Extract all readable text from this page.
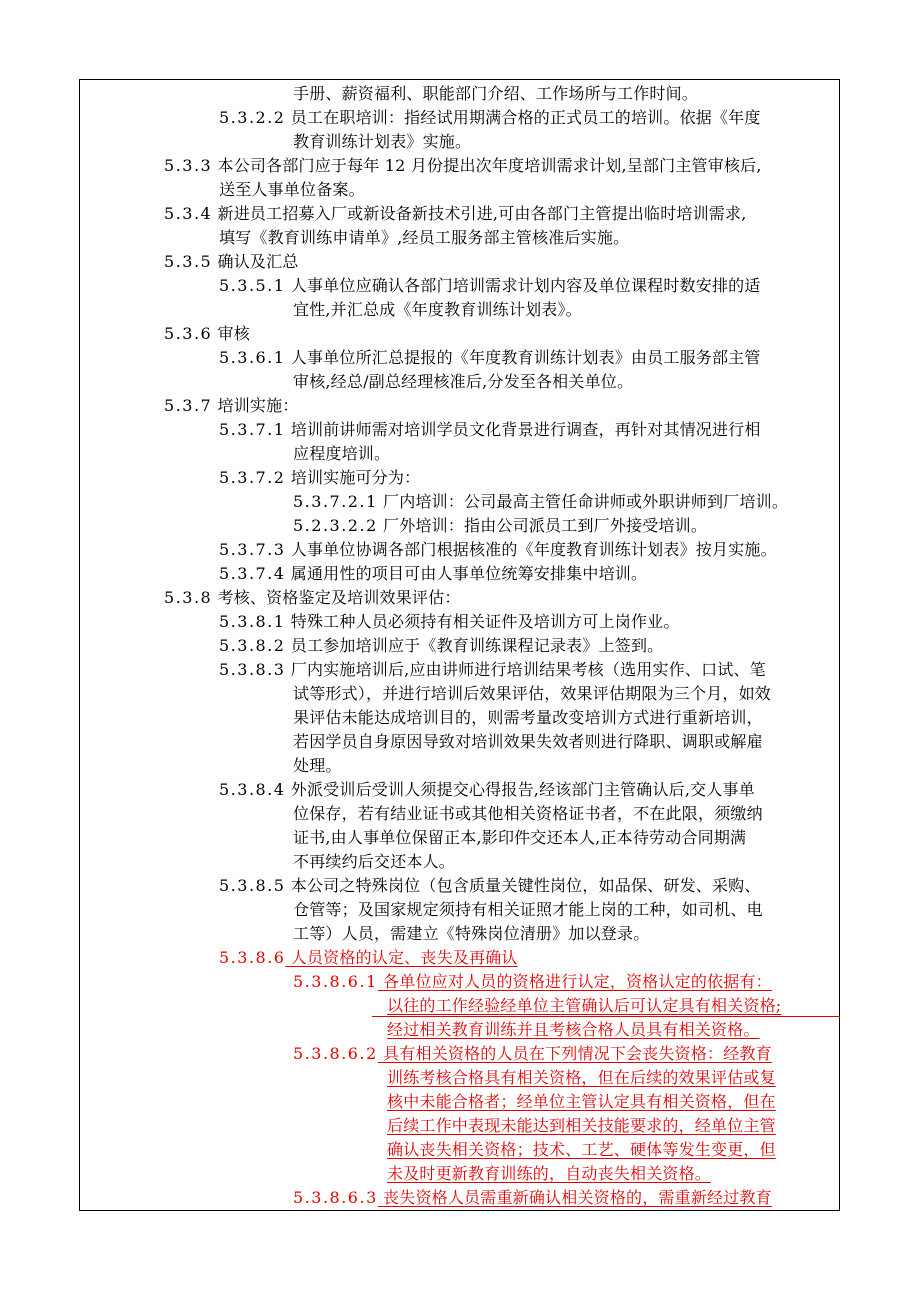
手册、薪资福利、职能部门介绍、工作场所与工作时间。
5.3.2.2 员工在职培训：指经试用期满合格的正式员工的培训。依据《年度
教育训练计划表》实施。
5.3.3 本公司各部门应于每年 12 月份提出次年度培训需求计划,呈部门主管审核后,
送至人事单位备案。
5.3.4 新进员工招募入厂或新设备新技术引进,可由各部门主管提出临时培训需求,
填写《教育训练申请单》,经员工服务部主管核准后实施。
5.3.5 确认及汇总
5.3.5.1 人事单位应确认各部门培训需求计划内容及单位课程时数安排的适
宜性,并汇总成《年度教育训练计划表》。
5.3.6 审核
5.3.6.1 人事单位所汇总提报的《年度教育训练计划表》由员工服务部主管
审核,经总/副总经理核准后,分发至各相关单位。
5.3.7 培训实施：
5.3.7.1 培训前讲师需对培训学员文化背景进行调查，再针对其情况进行相
应程度培训。
5.3.7.2 培训实施可分为：
5.3.7.2.1 厂内培训：公司最高主管任命讲师或外职讲师到厂培训。
5.2.3.2.2 厂外培训：指由公司派员工到厂外接受培训。
5.3.7.3 人事单位协调各部门根据核准的《年度教育训练计划表》按月实施。
5.3.7.4 属通用性的项目可由人事单位统筹安排集中培训。
5.3.8 考核、资格鉴定及培训效果评估：
5.3.8.1 特殊工种人员必须持有相关证件及培训方可上岗作业。
5.3.8.2 员工参加培训应于《教育训练课程记录表》上签到。
5.3.8.3 厂内实施培训后,应由讲师进行培训结果考核（选用实作、口试、笔
试等形式），并进行培训后效果评估，效果评估期限为三个月，如效
果评估未能达成培训目的，则需考量改变培训方式进行重新培训，
若因学员自身原因导致对培训效果失效者则进行降职、调职或解雇
处理。
5.3.8.4 外派受训后受训人须提交心得报告,经该部门主管确认后,交人事单
位保存，若有结业证书或其他相关资格证书者，不在此限，须缴纳
证书,由人事单位保留正本,影印件交还本人,正本待劳动合同期满
不再续约后交还本人。
5.3.8.5 本公司之特殊岗位（包含质量关键性岗位，如品保、研发、采购、
仓管等；及国家规定须持有相关证照才能上岗的工种，如司机、电
工等）人员，需建立《特殊岗位清册》加以登录。
5.3.8.6 人员资格的认定、丧失及再确认
5.3.8.6.1 各单位应对人员的资格进行认定，资格认定的依据有：
以往的工作经验经单位主管确认后可认定具有相关资格;
经过相关教育训练并且考核合格人员具有相关资格。
5.3.8.6.2 具有相关资格的人员在下列情况下会丧失资格：经教育
训练考核合格具有相关资格，但在后续的效果评估或复
核中未能合格者；经单位主管认定具有相关资格，但在
后续工作中表现未能达到相关技能要求的，经单位主管
确认丧失相关资格；技术、工艺、硬体等发生变更，但
未及时更新教育训练的，自动丧失相关资格。
5.3.8.6.3 丧失资格人员需重新确认相关资格的，需重新经过教育
